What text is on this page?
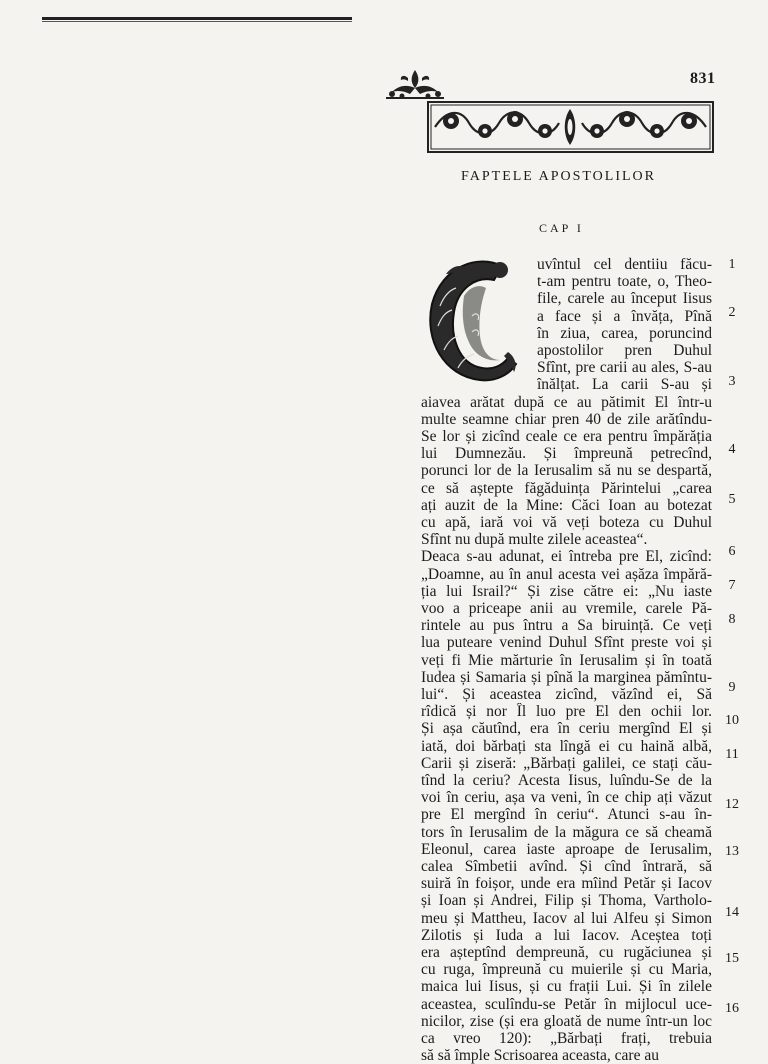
831
FAPTELE APOSTOLILOR
CAP I
uvîntul cel dentiiu făcu-
t-am pentru toate, o, Theo-
file, carele au început Iisus
a face și a învăța, Pînă
în ziua, carea, poruncind
apostolilor pren Duhul
Sfînt, pre carii au ales, S-au
înălțat. La carii S-au și
aiavea arătat după ce au pătimit El într-u
multe seamne chiar pren 40 de zile arătîndu-
Se lor și zicînd ceale ce era pentru împărăția
lui Dumnezău. Și împreună petrecînd,
porunci lor de la Ierusalim să nu se despartă,
ce să aștepte făgăduința Părintelui „carea
ați auzit de la Mine: Căci Ioan au botezat
cu apă, iară voi vă veți boteza cu Duhul
Sfînt nu după multe zilele aceastea“.
Deaca s-au adunat, ei întreba pre El, zicînd:
„Doamne, au în anul acesta vei așăza împără-
ția lui Israil?“ Și zise către ei: „Nu iaste
voo a priceape anii au vremile, carele Pă-
rintele au pus întru a Sa biruință. Ce veți
lua puteare venind Duhul Sfînt preste voi și
veți fi Mie mărturie în Ierusalim și în toată
Iudea și Samaria și pînă la marginea pămîntu-
lui“. Și aceastea zicînd, văzînd ei, Să
rîdică și nor Îl luo pre El den ochii lor.
Și așa căutînd, era în ceriu mergînd El și
iată, doi bărbați sta lîngă ei cu haină albă,
Carii și ziseră: „Bărbați galilei, ce stați cău-
tînd la ceriu? Acesta Iisus, luîndu-Se de la
voi în ceriu, așa va veni, în ce chip ați văzut
pre El mergînd în ceriu“. Atunci s-au în-
tors în Ierusalim de la măgura ce să cheamă
Eleonul, carea iaste aproape de Ierusalim,
calea Sîmbetii avînd. Și cînd întrară, să
suiră în foișor, unde era mîind Petăr și Iacov
și Ioan și Andrei, Filip și Thoma, Vartholo-
meu și Mattheu, Iacov al lui Alfeu și Simon
Zilotis și Iuda a lui Iacov. Aceștea toți
era așteptînd dempreună, cu rugăciunea și
cu ruga, împreună cu muierile și cu Maria,
maica lui Iisus, și cu frații Lui. Și în zilele
aceastea, sculîndu-se Petăr în mijlocul uce-
nicilor, zise (și era gloată de nume într-un loc
ca vreo 120): „Bărbați frați, trebuia
să să împle Scrisoarea aceasta, care au
1
2
3
4
5
6
7
8
9
10
11
12
13
14
15
16
